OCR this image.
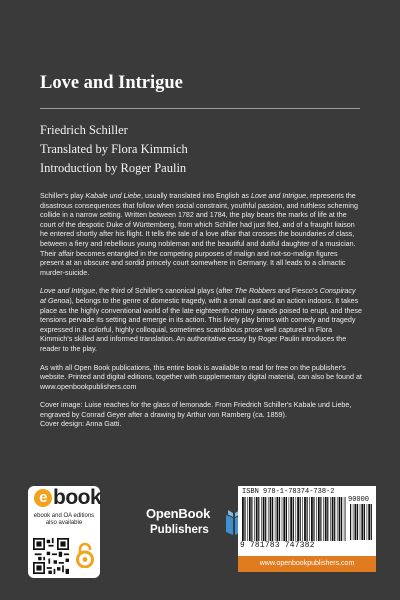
Love and Intrigue
Friedrich Schiller
Translated by Flora Kimmich
Introduction by Roger Paulin

Schiller's play Kabale und Liebe, usually translated into English as Love and Intrigue, represents the disastrous consequences that follow when social constraint, youthful passion, and ruthless scheming collide in a narrow setting. Written between 1782 and 1784, the play bears the marks of life at the court of the despotic Duke of Württemberg, from which Schiller had just fled, and of a fraught liaison he entered shortly after his flight. It tells the tale of a love affair that crosses the boundaries of class, between a fiery and rebellious young nobleman and the beautiful and dutiful daughter of a musician. Their affair becomes entangled in the competing purposes of malign and not-so-malign figures present at an obscure and sordid princely court somewhere in Germany. It all leads to a climactic murder-suicide.

Love and Intrigue, the third of Schiller's canonical plays (after The Robbers and Fiesco's Conspiracy at Genoa), belongs to the genre of domestic tragedy, with a small cast and an action indoors. It takes place as the highly conventional world of the late eighteenth century stands poised to erupt, and these tensions pervade its setting and emerge in its action. This lively play brims with comedy and tragedy expressed in a colorful, highly colloquial, sometimes scandalous prose well captured in Flora Kimmich's skilled and informed translation. An authoritative essay by Roger Paulin introduces the reader to the play.

As with all Open Book publications, this entire book is available to read for free on the publisher's website. Printed and digital editions, together with supplementary digital material, can also be found at www.openbookpublishers.com

Cover image: Luise reaches for the glass of lemonade. From Friedrich Schiller's Kabale und Liebe, engraved by Conrad Geyer after a drawing by Arthur von Ramberg (ca. 1859).

Cover design: Anna Gatti.

e book
ebook and OA editions
also available
OpenBook
Publishers
ISBN 978-1-78374-738-2
90000
9 781783 747382
www.openbookpublishers.com
